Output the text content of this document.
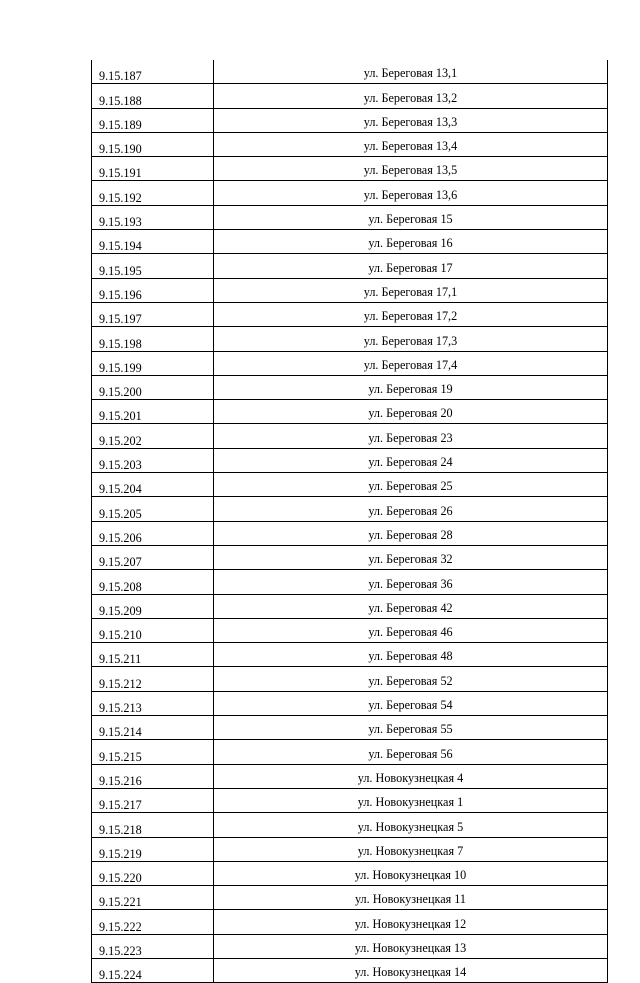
9.15.187	ул. Береговая 13,1
9.15.188	ул. Береговая 13,2
9.15.189	ул. Береговая 13,3
9.15.190	ул. Береговая 13,4
9.15.191	ул. Береговая 13,5
9.15.192	ул. Береговая 13,6
9.15.193	ул. Береговая 15
9.15.194	ул. Береговая 16
9.15.195	ул. Береговая 17
9.15.196	ул. Береговая 17,1
9.15.197	ул. Береговая 17,2
9.15.198	ул. Береговая 17,3
9.15.199	ул. Береговая 17,4
9.15.200	ул. Береговая 19
9.15.201	ул. Береговая 20
9.15.202	ул. Береговая 23
9.15.203	ул. Береговая 24
9.15.204	ул. Береговая 25
9.15.205	ул. Береговая 26
9.15.206	ул. Береговая 28
9.15.207	ул. Береговая 32
9.15.208	ул. Береговая 36
9.15.209	ул. Береговая 42
9.15.210	ул. Береговая 46
9.15.211	ул. Береговая 48
9.15.212	ул. Береговая 52
9.15.213	ул. Береговая 54
9.15.214	ул. Береговая 55
9.15.215	ул. Береговая 56
9.15.216	ул. Новокузнецкая 4
9.15.217	ул. Новокузнецкая 1
9.15.218	ул. Новокузнецкая 5
9.15.219	ул. Новокузнецкая 7
9.15.220	ул. Новокузнецкая 10
9.15.221	ул. Новокузнецкая 11
9.15.222	ул. Новокузнецкая 12
9.15.223	ул. Новокузнецкая 13
9.15.224	ул. Новокузнецкая 14
